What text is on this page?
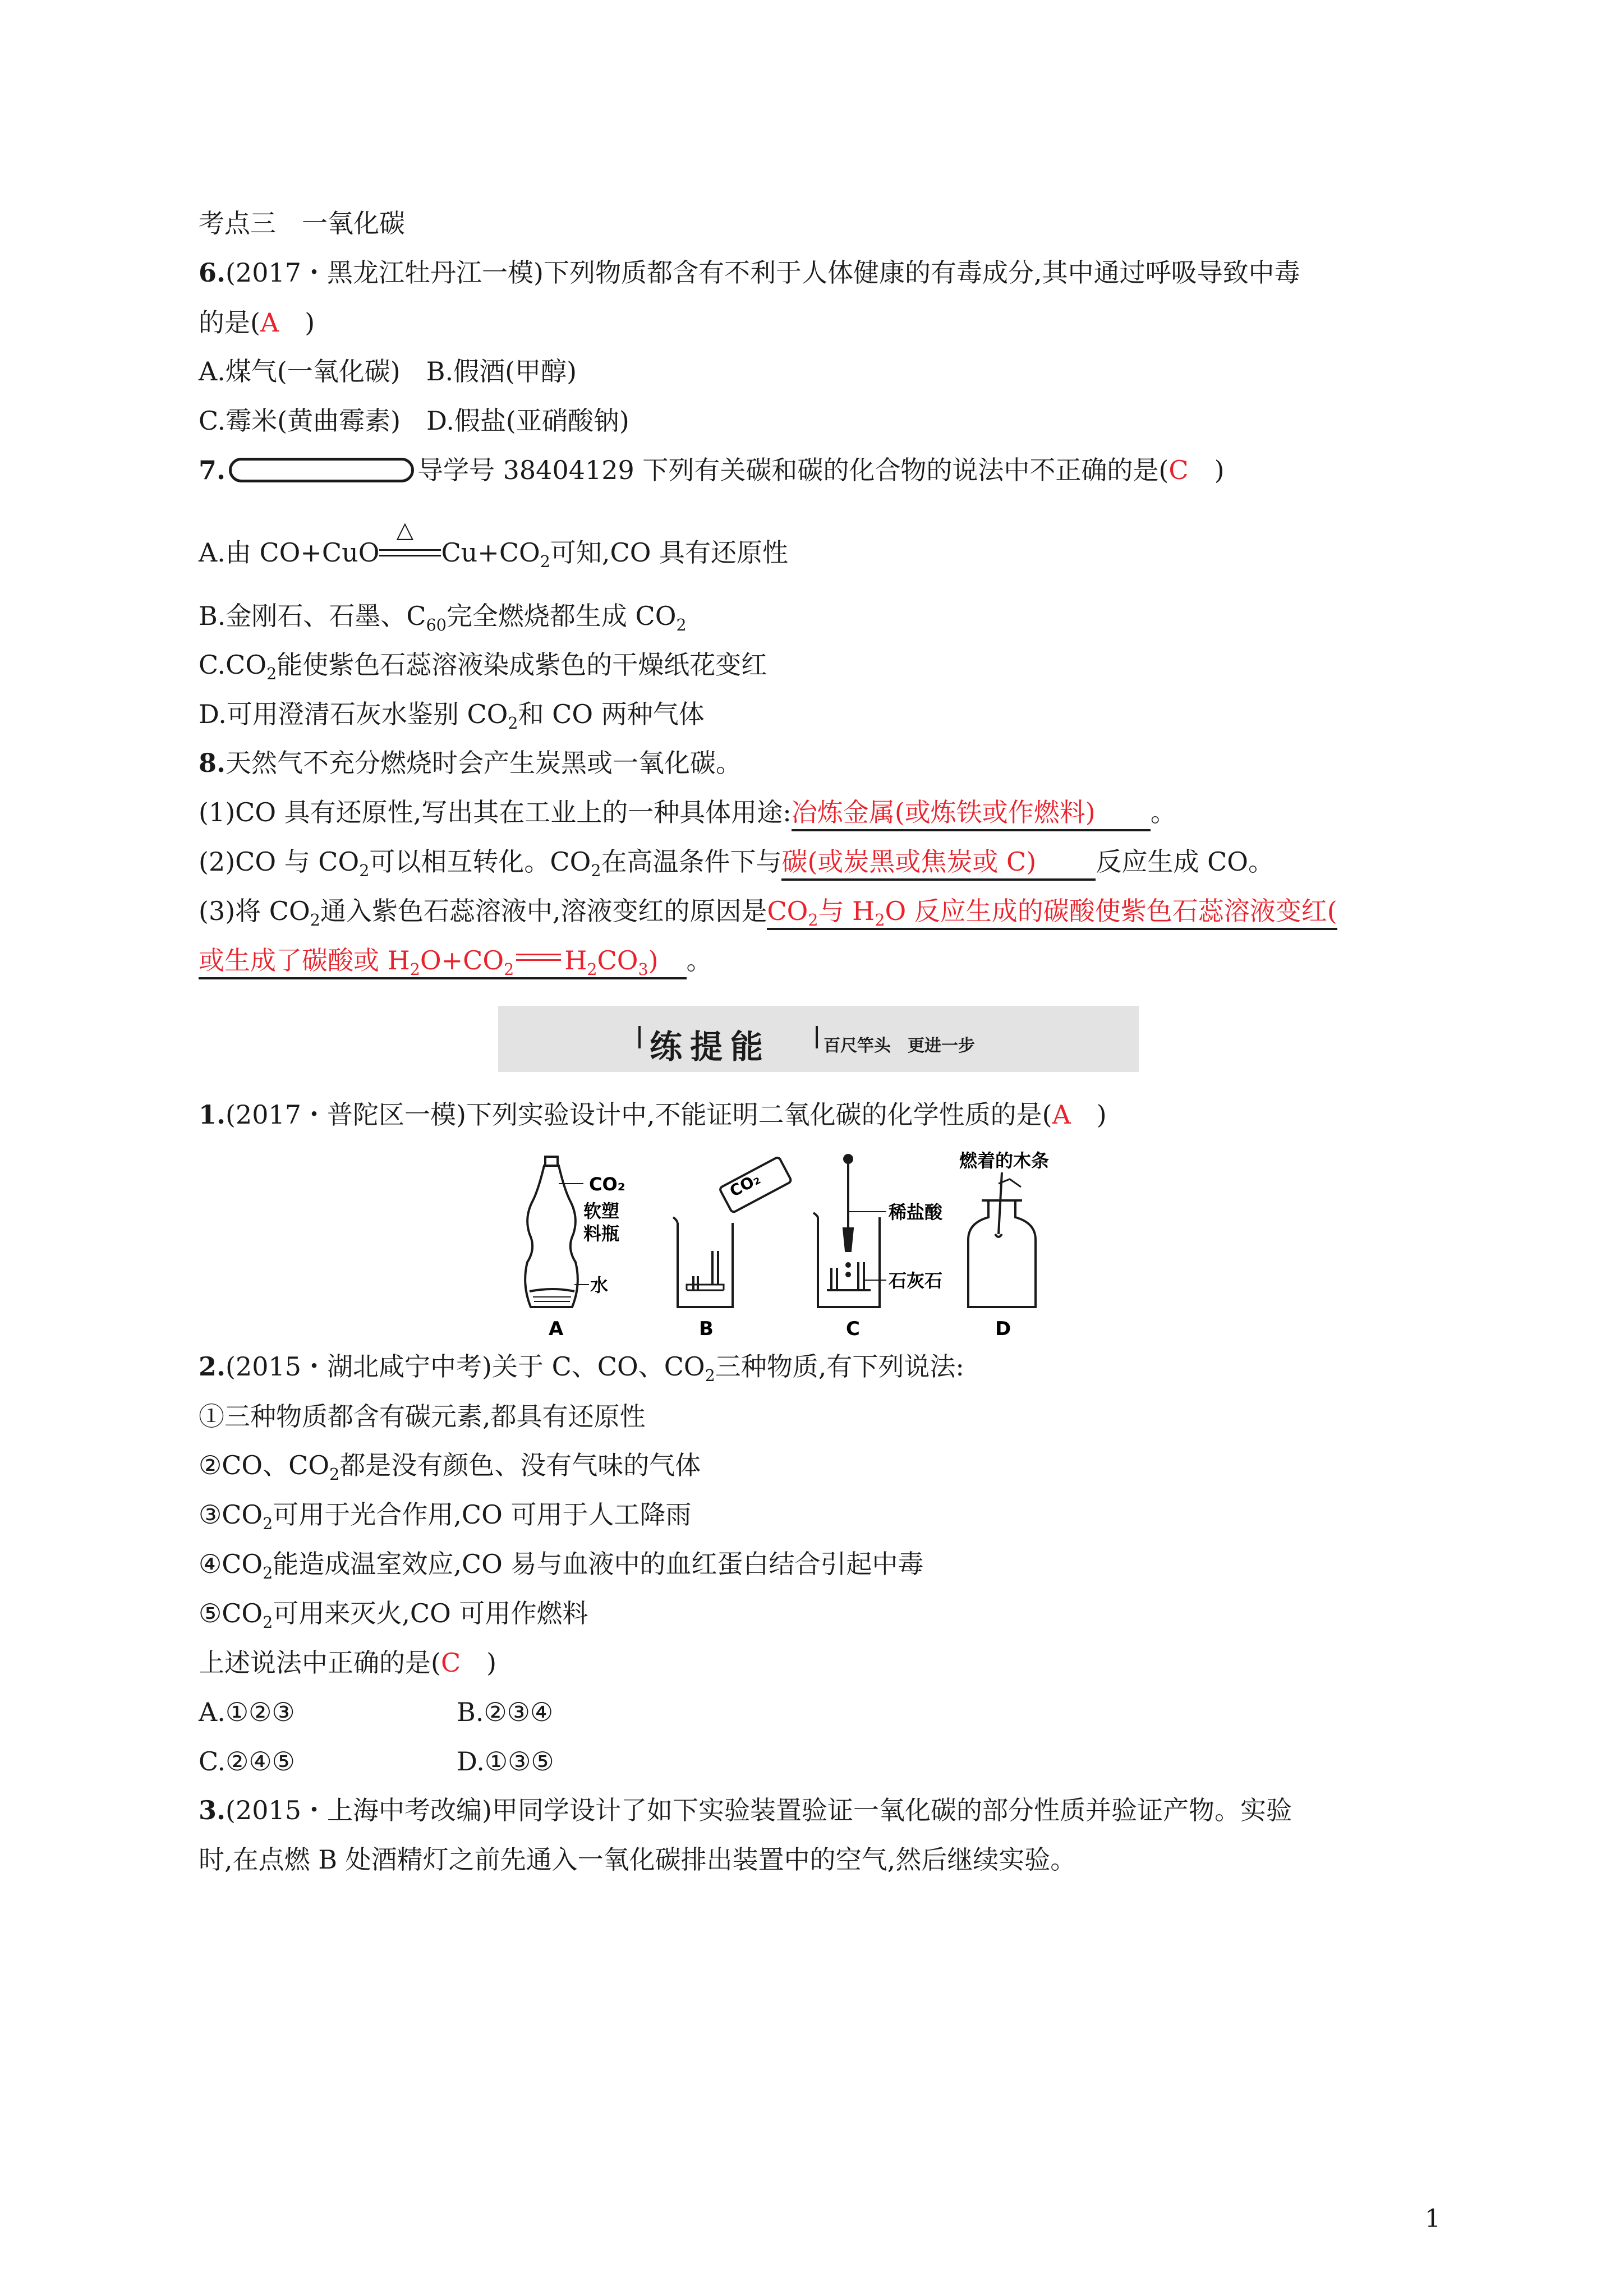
考点三　一氧化碳
6.(2017・黑龙江牡丹江一模)下列物质都含有不利于人体健康的有毒成分,其中通过呼吸导致中毒
的是(A　)
A.煤气(一氧化碳)　B.假酒(甲醇)
C.霉米(黄曲霉素)　D.假盐(亚硝酸钠)
7.	导学号 38404129 下列有关碳和碳的化合物的说法中不正确的是(C　)
A.由 CO+CuO
△
$Cu+CO_2$可知,CO 具有还原性
B.金刚石、石墨、$C_{60}$完全燃烧都生成 $CO_2$
$C.CO_2$能使紫色石蕊溶液染成紫色的干燥纸花变红
D.可用澄清石灰水鉴别 $CO_2$和 CO 两种气体
8.天然气不充分燃烧时会产生炭黑或一氧化碳。
(1)CO 具有还原性,写出其在工业上的一种具体用途:冶炼金属(或炼铁或作燃料) 。
(2)CO 与 $CO_2$可以相互转化。$CO_2$在高温条件下与碳(或炭黑或焦炭或 C) 反应生成 CO。
(3)将 $CO_2$通入紫色石蕊溶液中,溶液变红的原因是$CO_2$与 $H_2O$ 反应生成的碳酸使紫色石蕊溶液变红(
或生成了碳酸或 $H_2O+CO_2$ $H_2CO_3$) 。
练提能	百尺竿头　更进一步
1.(2017・普陀区一模)下列实验设计中,不能证明二氧化碳的化学性质的是(A　)
CO₂
软塑
料瓶
水
CO₂
稀盐酸
石灰石
燃着的木条
A	B	C	D
2.(2015・湖北咸宁中考)关于 C、CO、$CO_2$三种物质,有下列说法:
①三种物质都含有碳元素,都具有还原性
②CO、$CO_2$都是没有颜色、没有气味的气体
$③CO_2$可用于光合作用,CO 可用于人工降雨
$④CO_2$能造成温室效应,CO 易与血液中的血红蛋白结合引起中毒
$⑤CO_2$可用来灭火,CO 可用作燃料
上述说法中正确的是(C　)
A.①②③	B.②③④
C.②④⑤	D.①③⑤
3.(2015・上海中考改编)甲同学设计了如下实验装置验证一氧化碳的部分性质并验证产物。实验
时,在点燃 B 处酒精灯之前先通入一氧化碳排出装置中的空气,然后继续实验。
1
